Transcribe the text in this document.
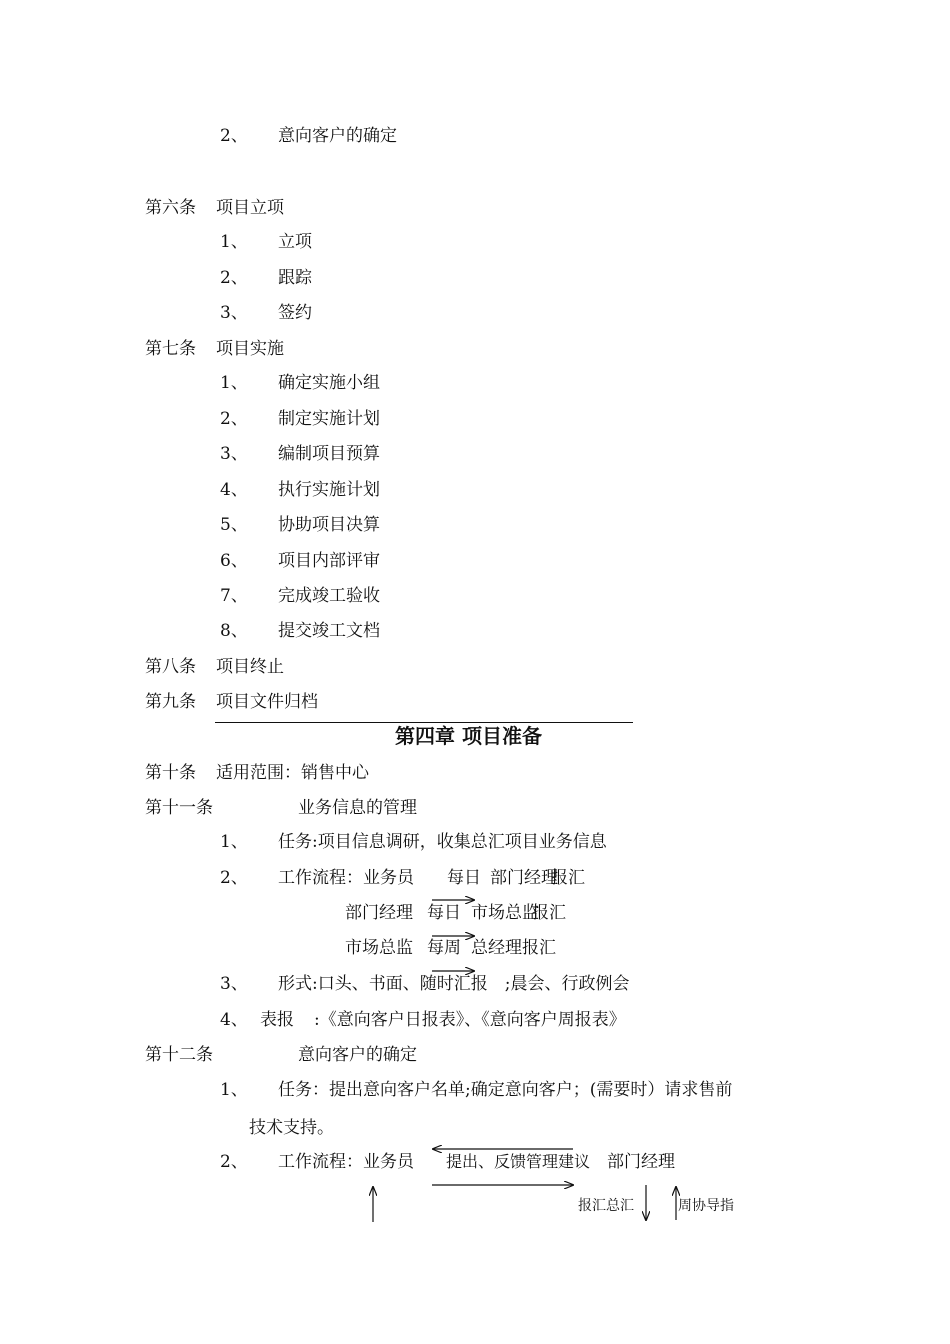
2、 意向客户的确定
第六条 项目立项
1、 立项
2、 跟踪
3、 签约
第七条 项目实施
1、 确定实施小组
2、 制定实施计划
3、 编制项目预算
4、 执行实施计划
5、 协助项目决算
6、 项目内部评审
7、 完成竣工验收
8、 提交竣工文档
第八条 项目终止
第九条 项目文件归档
第四章 项目准备
第十条 适用范围：销售中心
第十一条	业务信息的管理
1、 任务:项目信息调研，收集总汇项目业务信息
2、 工作流程：业务员 每日 部门经理
报汇
部门经理 每日 市场总监
报汇
市场总监 每周 总经理 报汇
3、 形式:口头、书面、随时汇报　;晨会、行政例会
4、 表报 :《意向客户日报表》、《意向客户周报表》
第十二条	意向客户的确定
1、 任务：提出意向客户名单;确定意向客户；(需要时）请求售前
技术支持。
2、 工作流程：业务员 提出、反馈管理建议 部门经理
报汇总汇	周协导指
